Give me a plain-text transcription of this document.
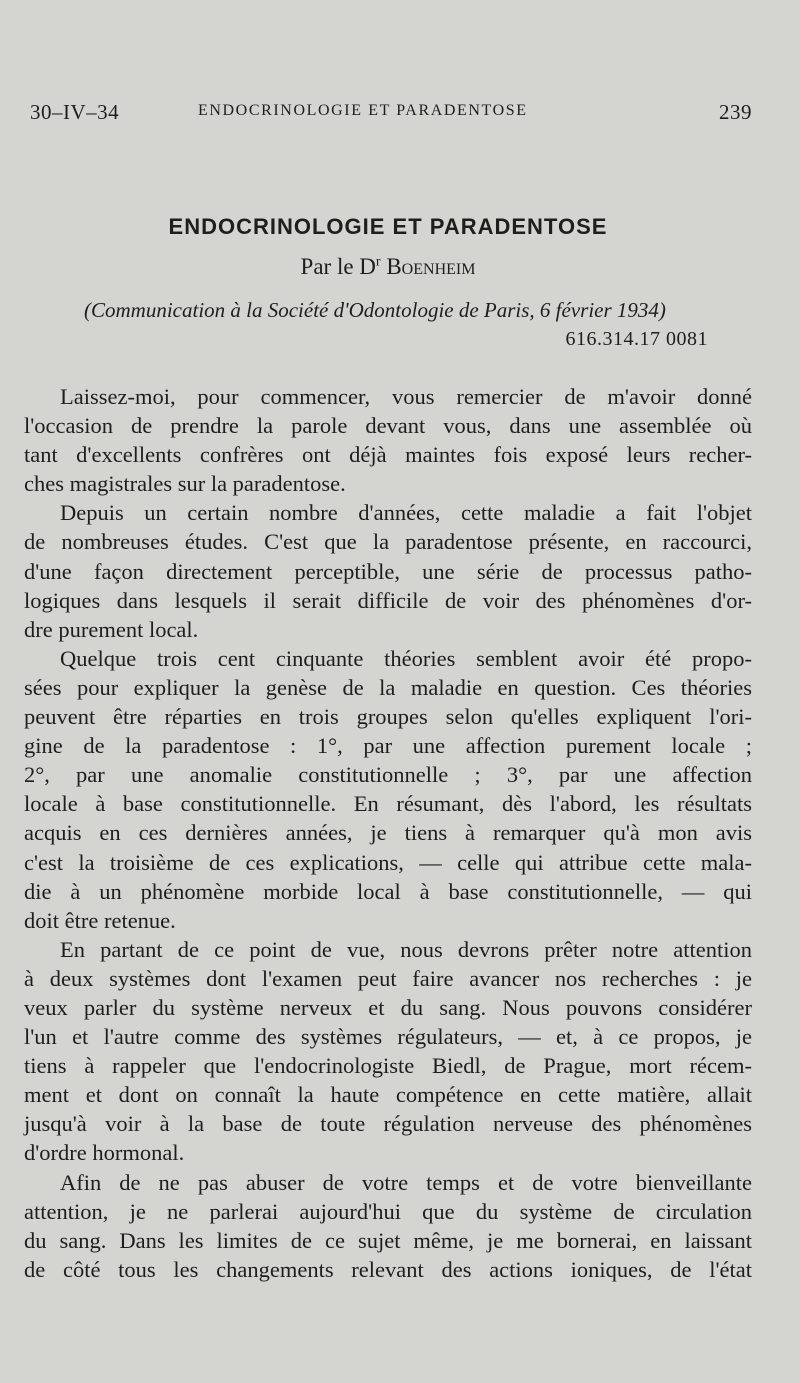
30–IV–34	ENDOCRINOLOGIE ET PARADENTOSE	239
ENDOCRINOLOGIE ET PARADENTOSE
Par le $D^r$ Boenheim
(Communication à la Société d'Odontologie de Paris, 6 février 1934)
616.314.17 0081
Laissez-moi, pour commencer, vous remercier de m'avoir donné
l'occasion de prendre la parole devant vous, dans une assemblée où
tant d'excellents confrères ont déjà maintes fois exposé leurs recher-
ches magistrales sur la paradentose.
Depuis un certain nombre d'années, cette maladie a fait l'objet
de nombreuses études. C'est que la paradentose présente, en raccourci,
d'une façon directement perceptible, une série de processus patho-
logiques dans lesquels il serait difficile de voir des phénomènes d'or-
dre purement local.
Quelque trois cent cinquante théories semblent avoir été propo-
sées pour expliquer la genèse de la maladie en question. Ces théories
peuvent être réparties en trois groupes selon qu'elles expliquent l'ori-
gine de la paradentose : 1°, par une affection purement locale ;
2°, par une anomalie constitutionnelle ; 3°, par une affection
locale à base constitutionnelle. En résumant, dès l'abord, les résultats
acquis en ces dernières années, je tiens à remarquer qu'à mon avis
c'est la troisième de ces explications, — celle qui attribue cette mala-
die à un phénomène morbide local à base constitutionnelle, — qui
doit être retenue.
En partant de ce point de vue, nous devrons prêter notre attention
à deux systèmes dont l'examen peut faire avancer nos recherches : je
veux parler du système nerveux et du sang. Nous pouvons considérer
l'un et l'autre comme des systèmes régulateurs, — et, à ce propos, je
tiens à rappeler que l'endocrinologiste Biedl, de Prague, mort récem-
ment et dont on connaît la haute compétence en cette matière, allait
jusqu'à voir à la base de toute régulation nerveuse des phénomènes
d'ordre hormonal.
Afin de ne pas abuser de votre temps et de votre bienveillante
attention, je ne parlerai aujourd'hui que du système de circulation
du sang. Dans les limites de ce sujet même, je me bornerai, en laissant
de côté tous les changements relevant des actions ioniques, de l'état
